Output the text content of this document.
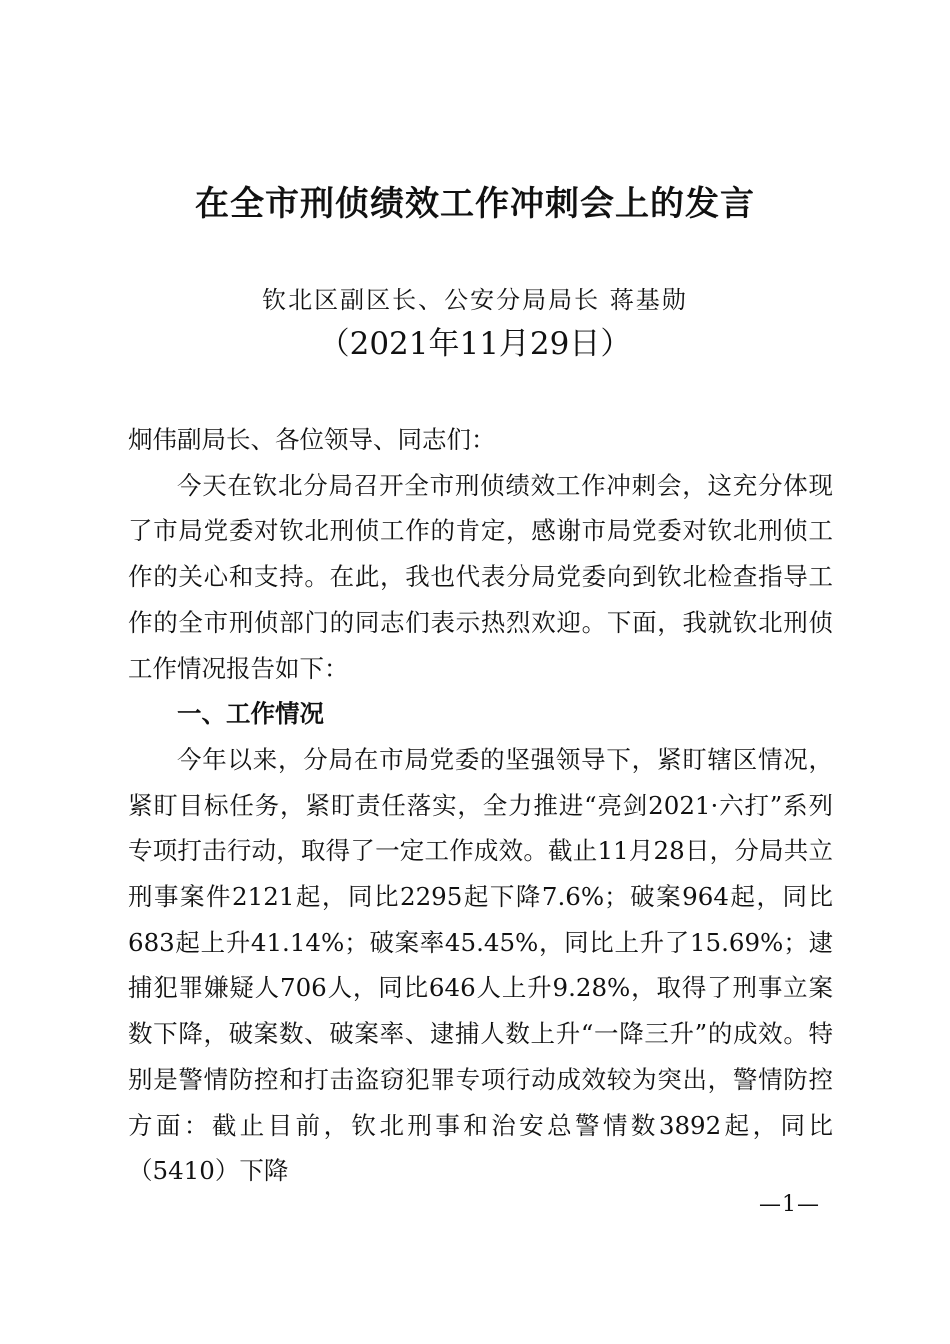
在全市刑侦绩效工作冲刺会上的发言
钦北区副区长、公安分局局长 蒋基勋
（2021年11月29日）

炯伟副局长、各位领导、同志们：

今天在钦北分局召开全市刑侦绩效工作冲刺会，这充分体现了市局党委对钦北刑侦工作的肯定，感谢市局党委对钦北刑侦工作的关心和支持。在此，我也代表分局党委向到钦北检查指导工作的全市刑侦部门的同志们表示热烈欢迎。下面，我就钦北刑侦工作情况报告如下：

一、工作情况

今年以来，分局在市局党委的坚强领导下，紧盯辖区情况，紧盯目标任务，紧盯责任落实，全力推进“亮剑2021·六打”系列专项打击行动，取得了一定工作成效。截止11月28日，分局共立刑事案件2121起，同比2295起下降7.6%；破案964起，同比683起上升41.14%；破案率45.45%，同比上升了15.69%；逮捕犯罪嫌疑人706人，同比646人上升9.28%，取得了刑事立案数下降，破案数、破案率、逮捕人数上升“一降三升”的成效。特别是警情防控和打击盗窃犯罪专项行动成效较为突出，警情防控方面：截止目前，钦北刑事和治安总警情数3892起，同比（5410）下降

—1—
